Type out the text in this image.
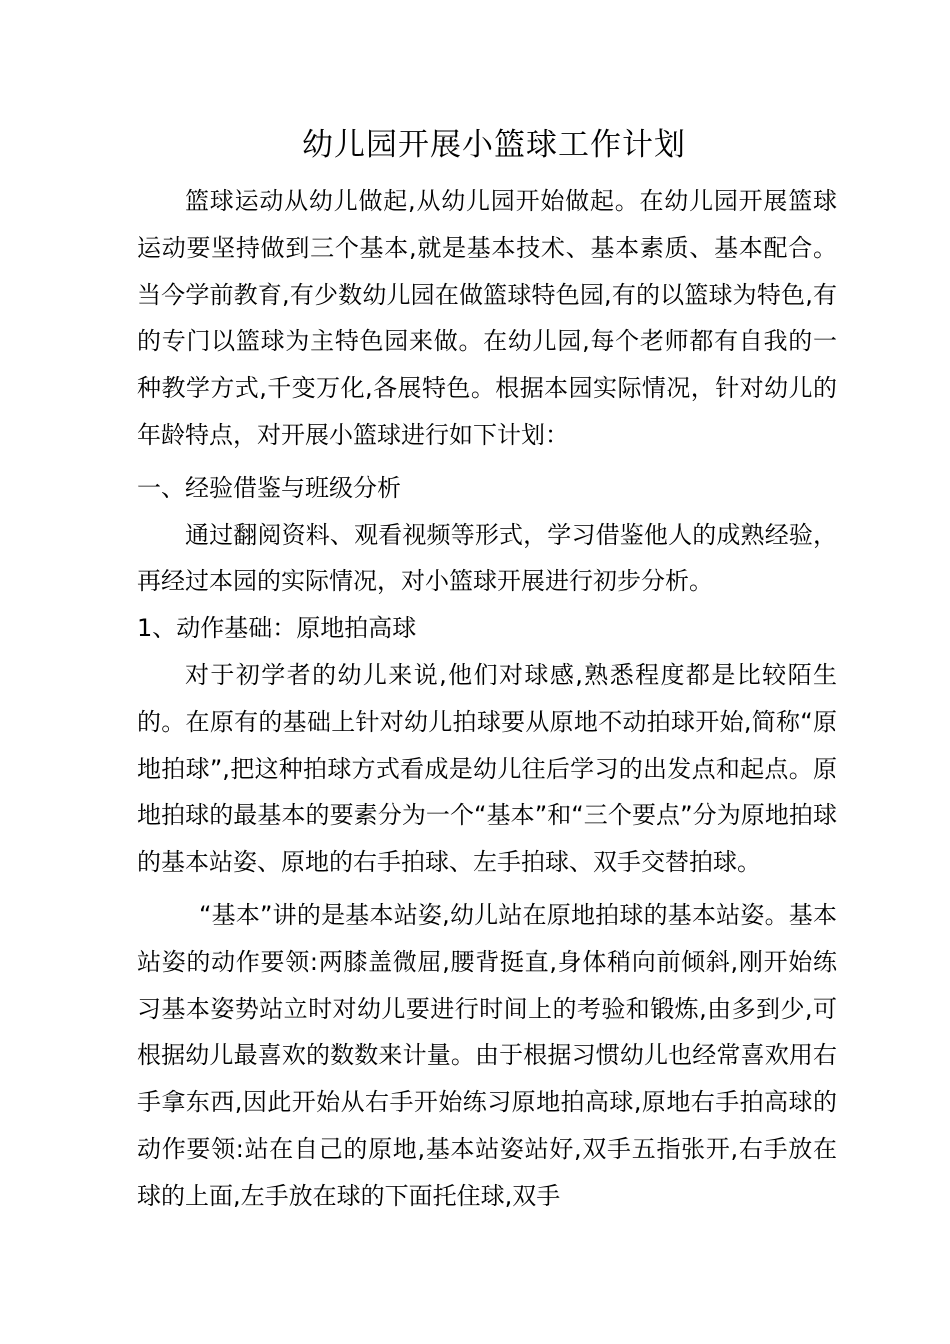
幼儿园开展小篮球工作计划

篮球运动从幼儿做起,从幼儿园开始做起。在幼儿园开展篮球运动要坚持做到三个基本,就是基本技术、基本素质、基本配合。当今学前教育,有少数幼儿园在做篮球特色园,有的以篮球为特色,有的专门以篮球为主特色园来做。在幼儿园,每个老师都有自我的一种教学方式,千变万化,各展特色。根据本园实际情况，针对幼儿的年龄特点，对开展小篮球进行如下计划：

一、经验借鉴与班级分析

通过翻阅资料、观看视频等形式，学习借鉴他人的成熟经验，再经过本园的实际情况，对小篮球开展进行初步分析。

1、动作基础：原地拍高球

对于初学者的幼儿来说,他们对球感,熟悉程度都是比较陌生的。在原有的基础上针对幼儿拍球要从原地不动拍球开始,简称“原地拍球”,把这种拍球方式看成是幼儿往后学习的出发点和起点。原地拍球的最基本的要素分为一个“基本”和“三个要点”分为原地拍球的基本站姿、原地的右手拍球、左手拍球、双手交替拍球。

“基本”讲的是基本站姿,幼儿站在原地拍球的基本站姿。基本站姿的动作要领:两膝盖微屈,腰背挺直,身体稍向前倾斜,刚开始练习基本姿势站立时对幼儿要进行时间上的考验和锻炼,由多到少,可根据幼儿最喜欢的数数来计量。由于根据习惯幼儿也经常喜欢用右手拿东西,因此开始从右手开始练习原地拍高球,原地右手拍高球的动作要领:站在自己的原地,基本站姿站好,双手五指张开,右手放在球的上面,左手放在球的下面托住球,双手
